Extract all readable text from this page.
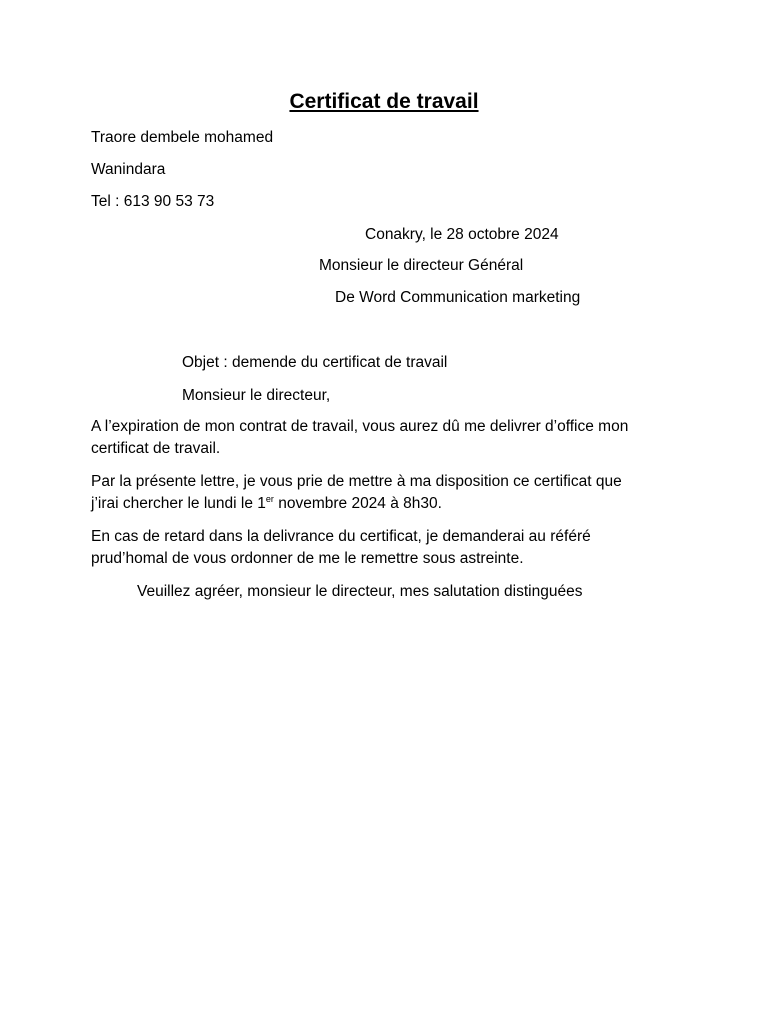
Certificat de travail
Traore dembele mohamed
Wanindara
Tel : 613 90 53 73
Conakry, le 28 octobre 2024
Monsieur le directeur Général
De Word Communication marketing
Objet : demende du certificat de travail
Monsieur le directeur,
A l’expiration de mon contrat de travail, vous aurez dû me delivrer d’office mon
certificat de travail.
Par la présente lettre, je vous prie de mettre à ma disposition ce certificat que
j’irai chercher le lundi le 1er novembre 2024 à 8h30.
En cas de retard dans la delivrance du certificat, je demanderai au référé
prud’homal de vous ordonner de me le remettre sous astreinte.
Veuillez agréer, monsieur le directeur, mes salutation distinguées
